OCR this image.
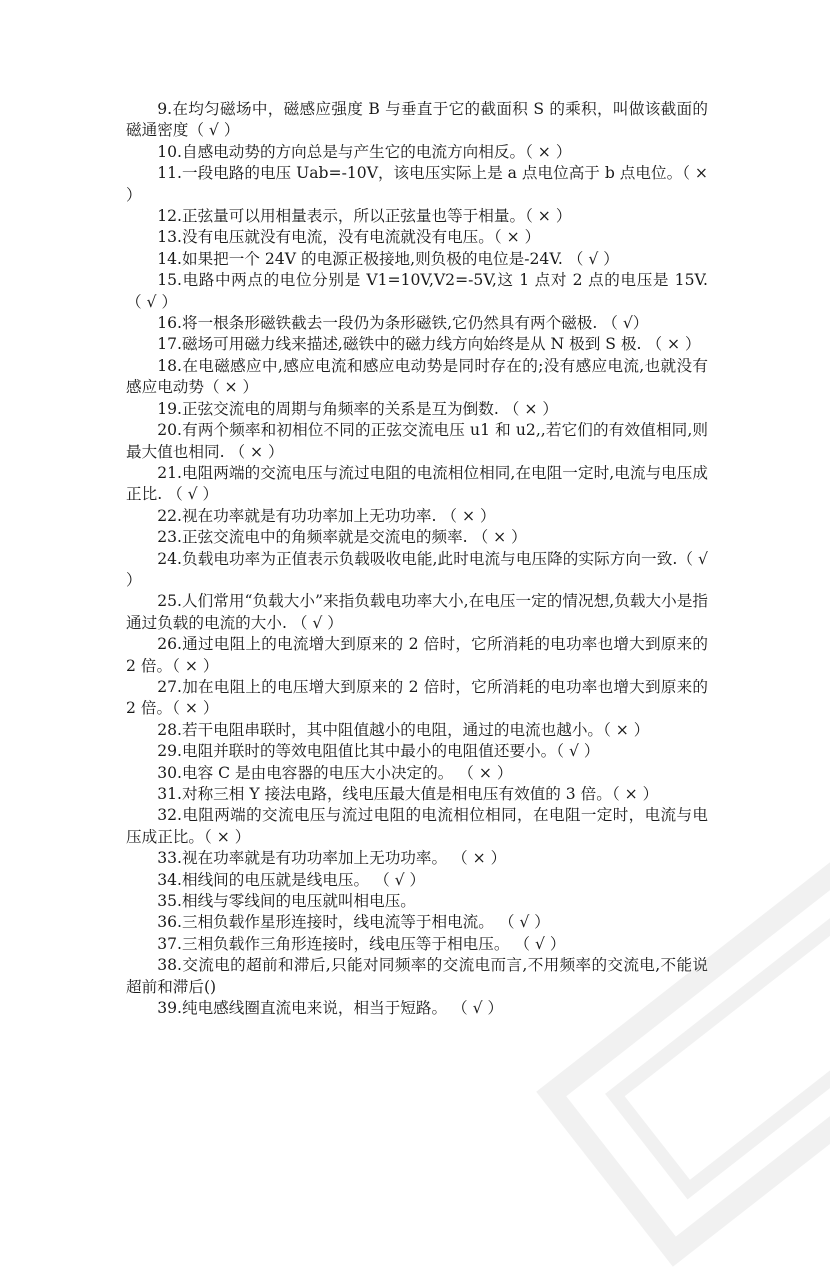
9.在均匀磁场中，磁感应强度 B 与垂直于它的截面积 S 的乘积，叫做该截面的磁通密度（ √ ）

10.自感电动势的方向总是与产生它的电流方向相反。（ × ）

11.一段电路的电压 Uab=-10V，该电压实际上是 a 点电位高于 b 点电位。（ × ）

12.正弦量可以用相量表示，所以正弦量也等于相量。（ × ）

13.没有电压就没有电流，没有电流就没有电压。（ × ）

14.如果把一个 24V 的电源正极接地,则负极的电位是-24V. （ √ ）

15.电路中两点的电位分别是 V1=10V,V2=-5V,这 1 点对 2 点的电压是 15V. （ √ ）

16.将一根条形磁铁截去一段仍为条形磁铁,它仍然具有两个磁极. （ √）

17.磁场可用磁力线来描述,磁铁中的磁力线方向始终是从 N 极到 S 极. （ × ）

18.在电磁感应中,感应电流和感应电动势是同时存在的;没有感应电流,也就没有感应电动势（ × ）

19.正弦交流电的周期与角频率的关系是互为倒数. （ × ）

20.有两个频率和初相位不同的正弦交流电压 u1 和 u2,,若它们的有效值相同,则最大值也相同. （ × ）

21.电阻两端的交流电压与流过电阻的电流相位相同,在电阻一定时,电流与电压成正比. （ √ ）

22.视在功率就是有功功率加上无功功率. （ × ）

23.正弦交流电中的角频率就是交流电的频率. （ × ）

24.负载电功率为正值表示负载吸收电能,此时电流与电压降的实际方向一致.（ √ ）

25.人们常用“负载大小”来指负载电功率大小,在电压一定的情况想,负载大小是指通过负载的电流的大小. （ √ ）

26.通过电阻上的电流增大到原来的 2 倍时，它所消耗的电功率也增大到原来的 2 倍。（ × ）

27.加在电阻上的电压增大到原来的 2 倍时，它所消耗的电功率也增大到原来的 2 倍。（ × ）

28.若干电阻串联时，其中阻值越小的电阻，通过的电流也越小。（ × ）

29.电阻并联时的等效电阻值比其中最小的电阻值还要小。（ √ ）

30.电容 C 是由电容器的电压大小决定的。 （ × ）

31.对称三相 Y 接法电路，线电压最大值是相电压有效值的 3 倍。（ × ）

32.电阻两端的交流电压与流过电阻的电流相位相同，在电阻一定时，电流与电压成正比。（ × ）

33.视在功率就是有功功率加上无功功率。 （ × ）

34.相线间的电压就是线电压。 （ √ ）

35.相线与零线间的电压就叫相电压。

36.三相负载作星形连接时，线电流等于相电流。 （ √ ）

37.三相负载作三角形连接时，线电压等于相电压。 （ √ ）

38.交流电的超前和滞后,只能对同频率的交流电而言,不用频率的交流电,不能说超前和滞后()

39.纯电感线圈直流电来说，相当于短路。 （ √ ）
